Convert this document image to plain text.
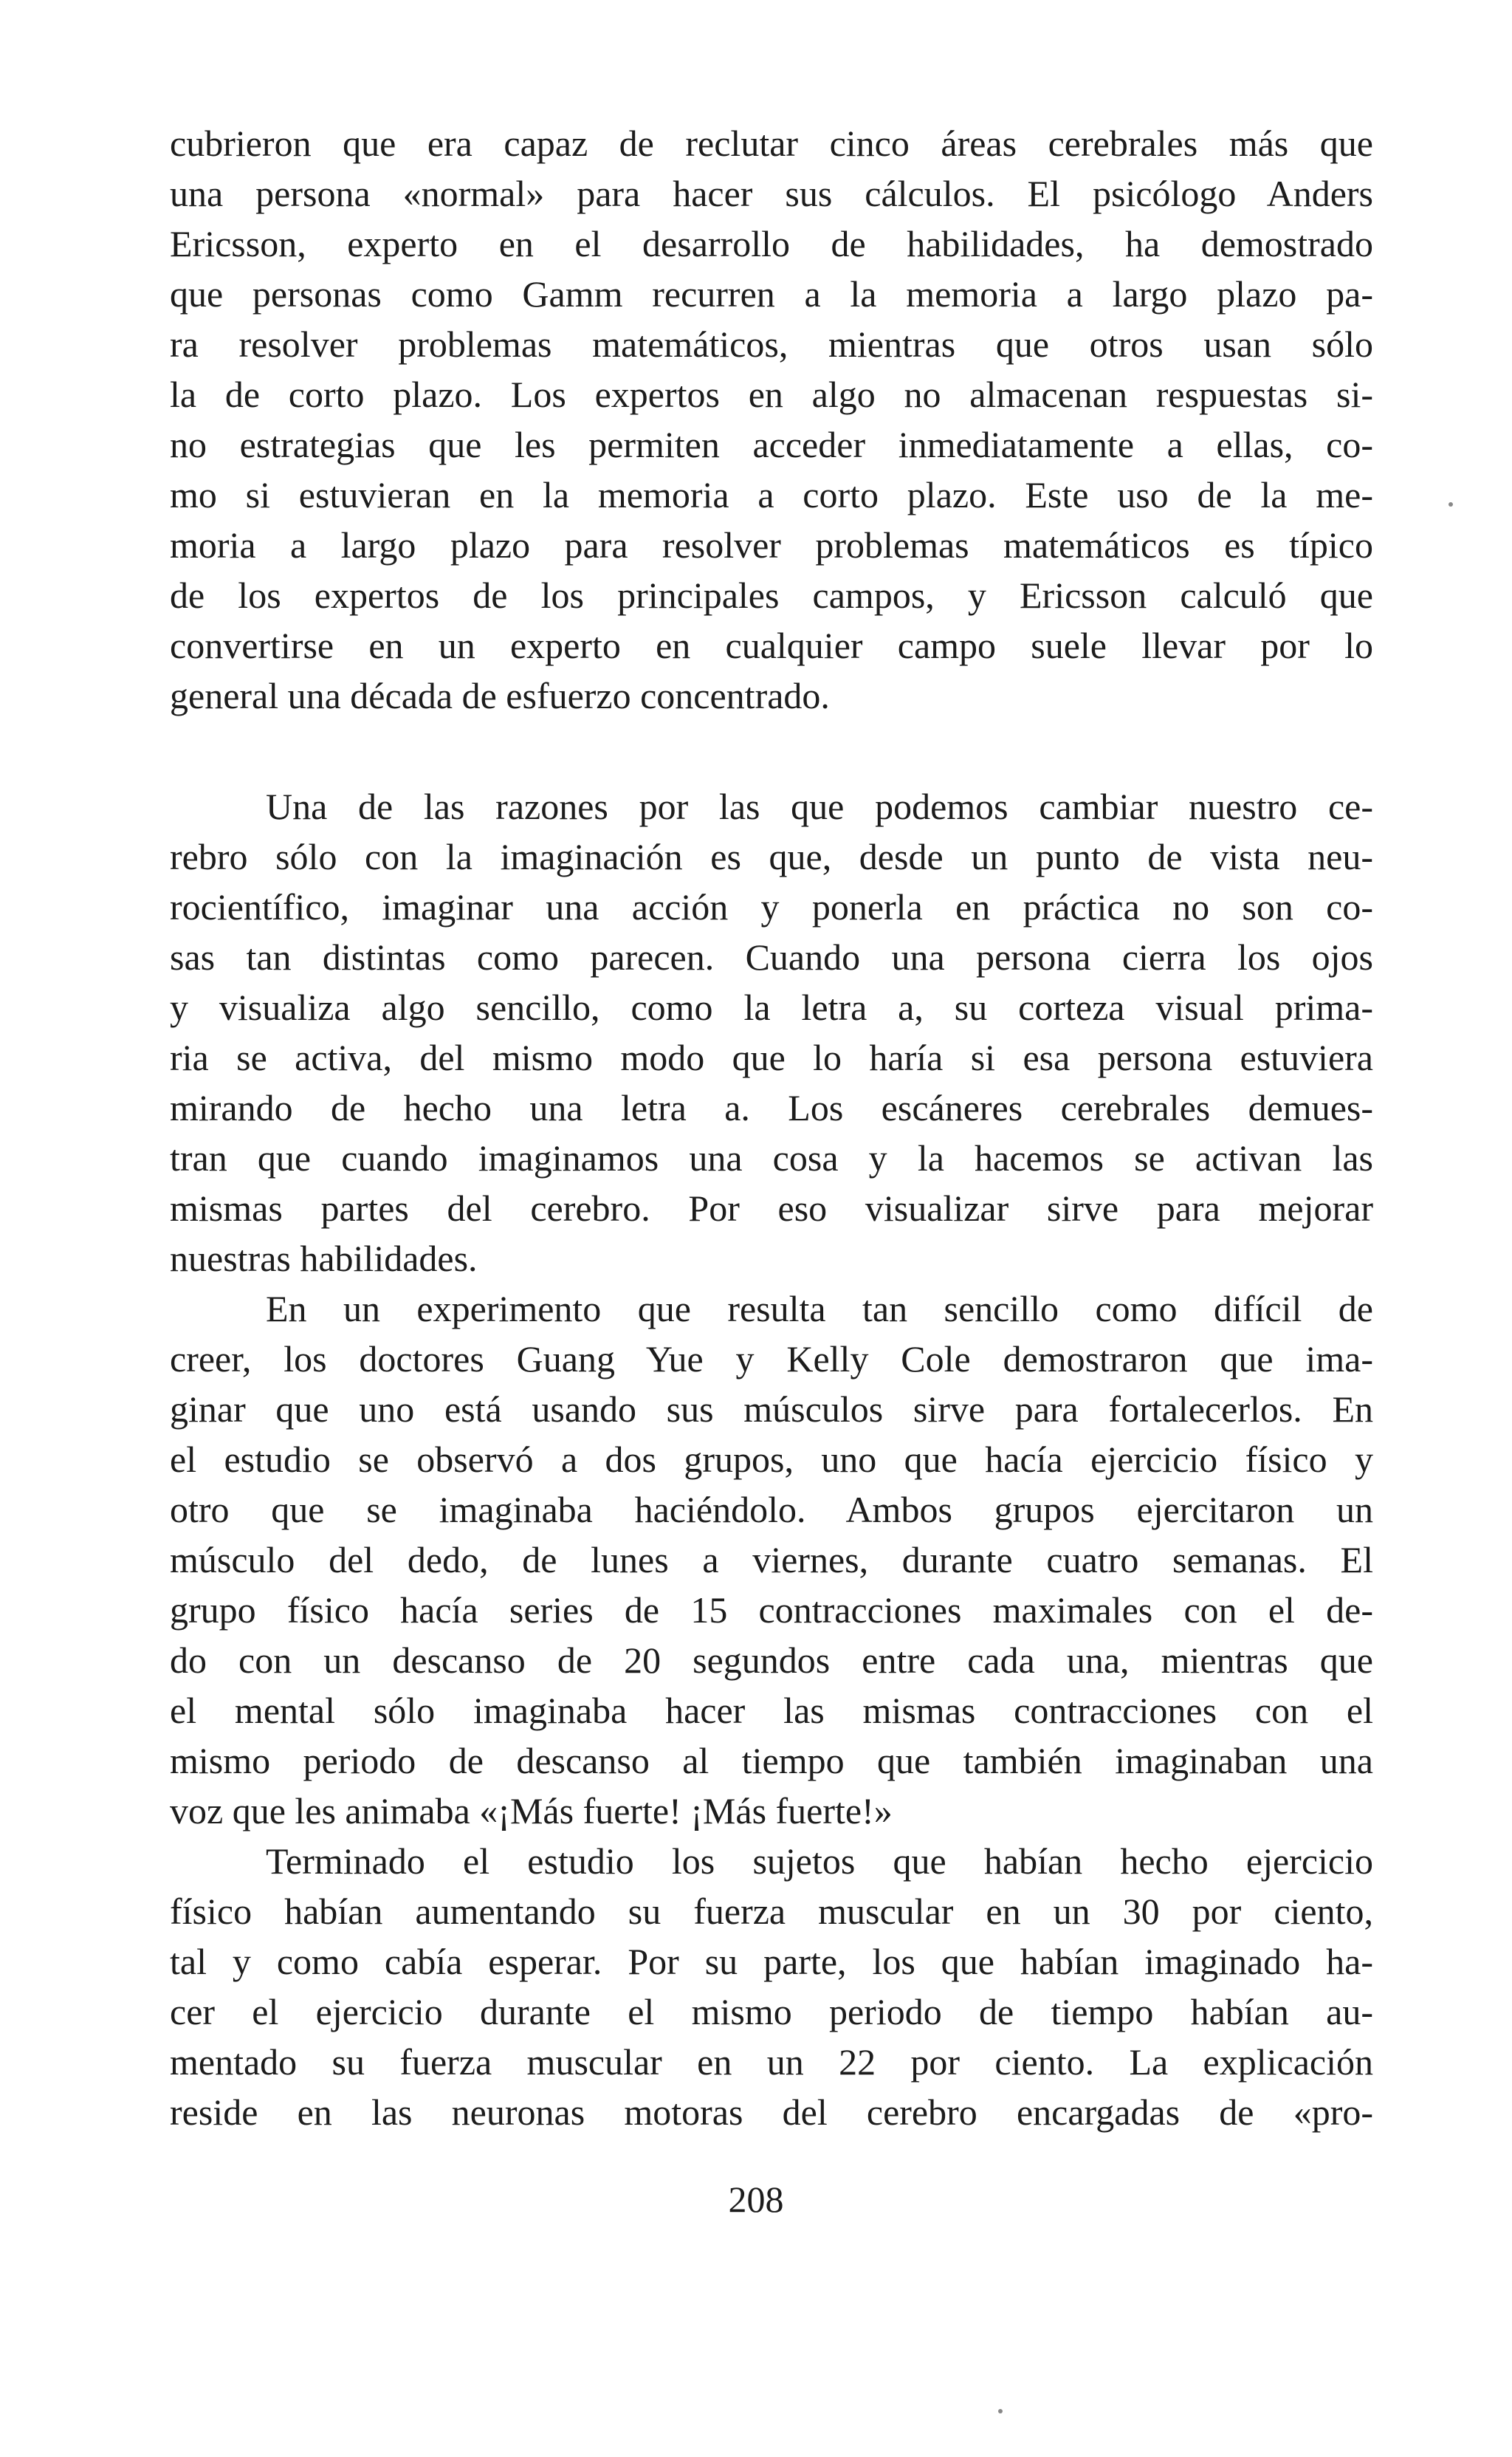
cubrieron que era capaz de reclutar cinco áreas cerebrales más que
una persona «normal» para hacer sus cálculos. El psicólogo Anders
Ericsson, experto en el desarrollo de habilidades, ha demostrado
que personas como Gamm recurren a la memoria a largo plazo pa-
ra resolver problemas matemáticos, mientras que otros usan sólo
la de corto plazo. Los expertos en algo no almacenan respuestas si-
no estrategias que les permiten acceder inmediatamente a ellas, co-
mo si estuvieran en la memoria a corto plazo. Este uso de la me-
moria a largo plazo para resolver problemas matemáticos es típico
de los expertos de los principales campos, y Ericsson calculó que
convertirse en un experto en cualquier campo suele llevar por lo
general una década de esfuerzo concentrado.
Una de las razones por las que podemos cambiar nuestro ce-
rebro sólo con la imaginación es que, desde un punto de vista neu-
rocientífico, imaginar una acción y ponerla en práctica no son co-
sas tan distintas como parecen. Cuando una persona cierra los ojos
y visualiza algo sencillo, como la letra a, su corteza visual prima-
ria se activa, del mismo modo que lo haría si esa persona estuviera
mirando de hecho una letra a. Los escáneres cerebrales demues-
tran que cuando imaginamos una cosa y la hacemos se activan las
mismas partes del cerebro. Por eso visualizar sirve para mejorar
nuestras habilidades.
En un experimento que resulta tan sencillo como difícil de
creer, los doctores Guang Yue y Kelly Cole demostraron que ima-
ginar que uno está usando sus músculos sirve para fortalecerlos. En
el estudio se observó a dos grupos, uno que hacía ejercicio físico y
otro que se imaginaba haciéndolo. Ambos grupos ejercitaron un
músculo del dedo, de lunes a viernes, durante cuatro semanas. El
grupo físico hacía series de 15 contracciones maximales con el de-
do con un descanso de 20 segundos entre cada una, mientras que
el mental sólo imaginaba hacer las mismas contracciones con el
mismo periodo de descanso al tiempo que también imaginaban una
voz que les animaba «¡Más fuerte! ¡Más fuerte!»
Terminado el estudio los sujetos que habían hecho ejercicio
físico habían aumentando su fuerza muscular en un 30 por ciento,
tal y como cabía esperar. Por su parte, los que habían imaginado ha-
cer el ejercicio durante el mismo periodo de tiempo habían au-
mentado su fuerza muscular en un 22 por ciento. La explicación
reside en las neuronas motoras del cerebro encargadas de «pro-
208
